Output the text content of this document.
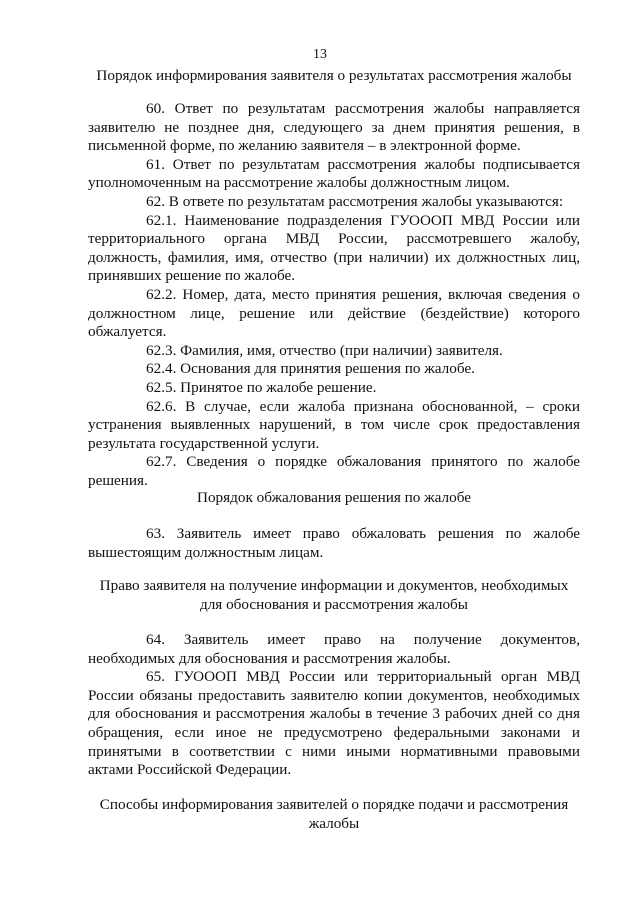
13

Порядок информирования заявителя о результатах рассмотрения жалобы

60. Ответ по результатам рассмотрения жалобы направляется заявителю не позднее дня, следующего за днем принятия решения, в письменной форме, по желанию заявителя – в электронной форме.

61. Ответ по результатам рассмотрения жалобы подписывается уполномоченным на рассмотрение жалобы должностным лицом.

62. В ответе по результатам рассмотрения жалобы указываются:

62.1. Наименование подразделения ГУОООП МВД России или территориального органа МВД России, рассмотревшего жалобу, должность, фамилия, имя, отчество (при наличии) их должностных лиц, принявших решение по жалобе.

62.2. Номер, дата, место принятия решения, включая сведения о должностном лице, решение или действие (бездействие) которого обжалуется.

62.3. Фамилия, имя, отчество (при наличии) заявителя.

62.4. Основания для принятия решения по жалобе.

62.5. Принятое по жалобе решение.

62.6. В случае, если жалоба признана обоснованной, – сроки устранения выявленных нарушений, в том числе срок предоставления результата государственной услуги.

62.7. Сведения о порядке обжалования принятого по жалобе решения.

Порядок обжалования решения по жалобе

63. Заявитель имеет право обжаловать решения по жалобе вышестоящим должностным лицам.

Право заявителя на получение информации и документов, необходимых для обоснования и рассмотрения жалобы

64. Заявитель имеет право на получение документов, необходимых для обоснования и рассмотрения жалобы.

65. ГУОООП МВД России или территориальный орган МВД России обязаны предоставить заявителю копии документов, необходимых для обоснования и рассмотрения жалобы в течение 3 рабочих дней со дня обращения, если иное не предусмотрено федеральными законами и принятыми в соответствии с ними иными нормативными правовыми актами Российской Федерации.

Способы информирования заявителей о порядке подачи и рассмотрения жалобы
